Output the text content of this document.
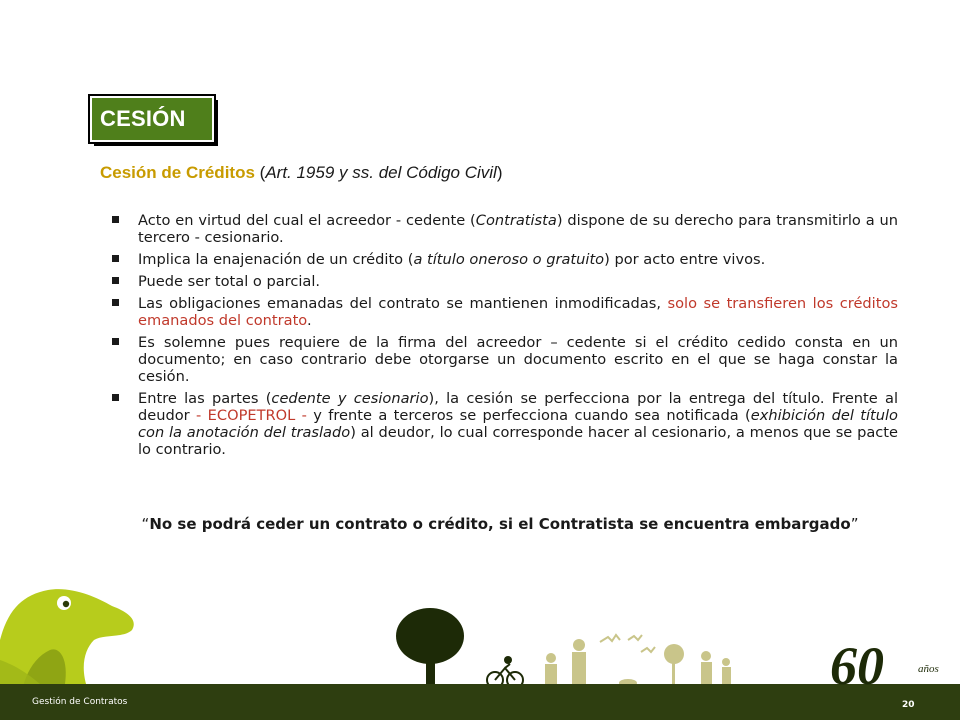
CESIÓN
Cesión de Créditos (Art. 1959 y ss. del Código Civil)
Acto en virtud del cual el acreedor - cedente (Contratista) dispone de su derecho para transmitirlo a un tercero - cesionario.
Implica la enajenación de un crédito (a título oneroso o gratuito) por acto entre vivos.
Puede ser total o parcial.
Las obligaciones emanadas del contrato se mantienen inmodificadas, solo se transfieren los créditos emanados del contrato.
Es solemne pues requiere de la firma del acreedor – cedente si el crédito cedido consta en un documento; en caso contrario debe otorgarse un documento escrito en el que se haga constar la cesión.
Entre las partes (cedente y cesionario), la cesión se perfecciona por la entrega del título. Frente al deudor - ECOPETROL - y frente a terceros se perfecciona cuando sea notificada (exhibición del título con la anotación del traslado) al deudor, lo cual corresponde hacer al cesionario, a menos que se pacte lo contrario.
“No se podrá ceder un contrato o crédito, si el Contratista se encuentra embargado”
60	años
Gestión de Contratos	20
